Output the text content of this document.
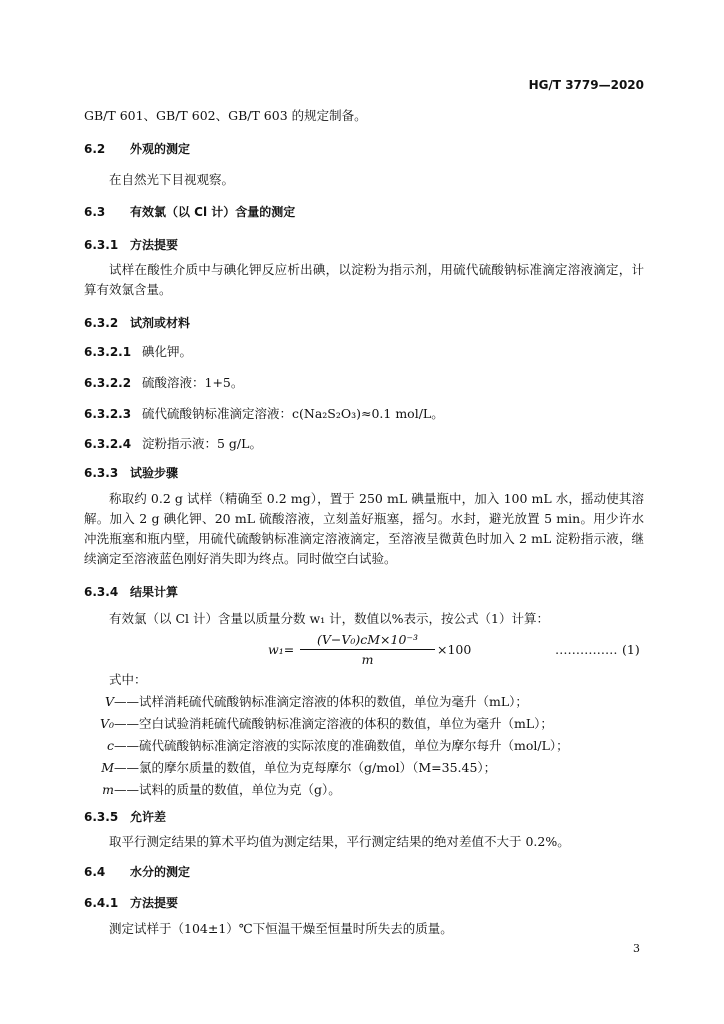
HG/T 3779—2020
GB/T 601、GB/T 602、GB/T 603 的规定制备。
6.2 外观的测定
在自然光下目视观察。
6.3 有效氯（以 Cl 计）含量的测定
6.3.1 方法提要
试样在酸性介质中与碘化钾反应析出碘，以淀粉为指示剂，用硫代硫酸钠标准滴定溶液滴定，计算有效氯含量。
6.3.2 试剂或材料
6.3.2.1 碘化钾。
6.3.2.2 硫酸溶液：1+5。
6.3.2.3 硫代硫酸钠标准滴定溶液：c(Na₂S₂O₃)≈0.1 mol/L。
6.3.2.4 淀粉指示液：5 g/L。
6.3.3 试验步骤
称取约 0.2 g 试样（精确至 0.2 mg），置于 250 mL 碘量瓶中，加入 100 mL 水，摇动使其溶解。加入 2 g 碘化钾、20 mL 硫酸溶液，立刻盖好瓶塞，摇匀。水封，避光放置 5 min。用少许水冲洗瓶塞和瓶内壁，用硫代硫酸钠标准滴定溶液滴定，至溶液呈微黄色时加入 2 mL 淀粉指示液，继续滴定至溶液蓝色刚好消失即为终点。同时做空白试验。
6.3.4 结果计算
有效氯（以 Cl 计）含量以质量分数 w₁ 计，数值以%表示，按公式（1）计算：
$w_1= \frac{\text{(V−V₀)cM×10⁻³}}{m} \times 100$	…………… (1)
式中：
V——试样消耗硫代硫酸钠标准滴定溶液的体积的数值，单位为毫升（mL）；
V₀——空白试验消耗硫代硫酸钠标准滴定溶液的体积的数值，单位为毫升（mL）；
c——硫代硫酸钠标准滴定溶液的实际浓度的准确数值，单位为摩尔每升（mol/L）；
M——氯的摩尔质量的数值，单位为克每摩尔（g/mol）（M=35.45）；
m——试料的质量的数值，单位为克（g）。
6.3.5 允许差
取平行测定结果的算术平均值为测定结果，平行测定结果的绝对差值不大于 0.2%。
6.4 水分的测定
6.4.1 方法提要
测定试样于（104±1）℃下恒温干燥至恒量时所失去的质量。
3
